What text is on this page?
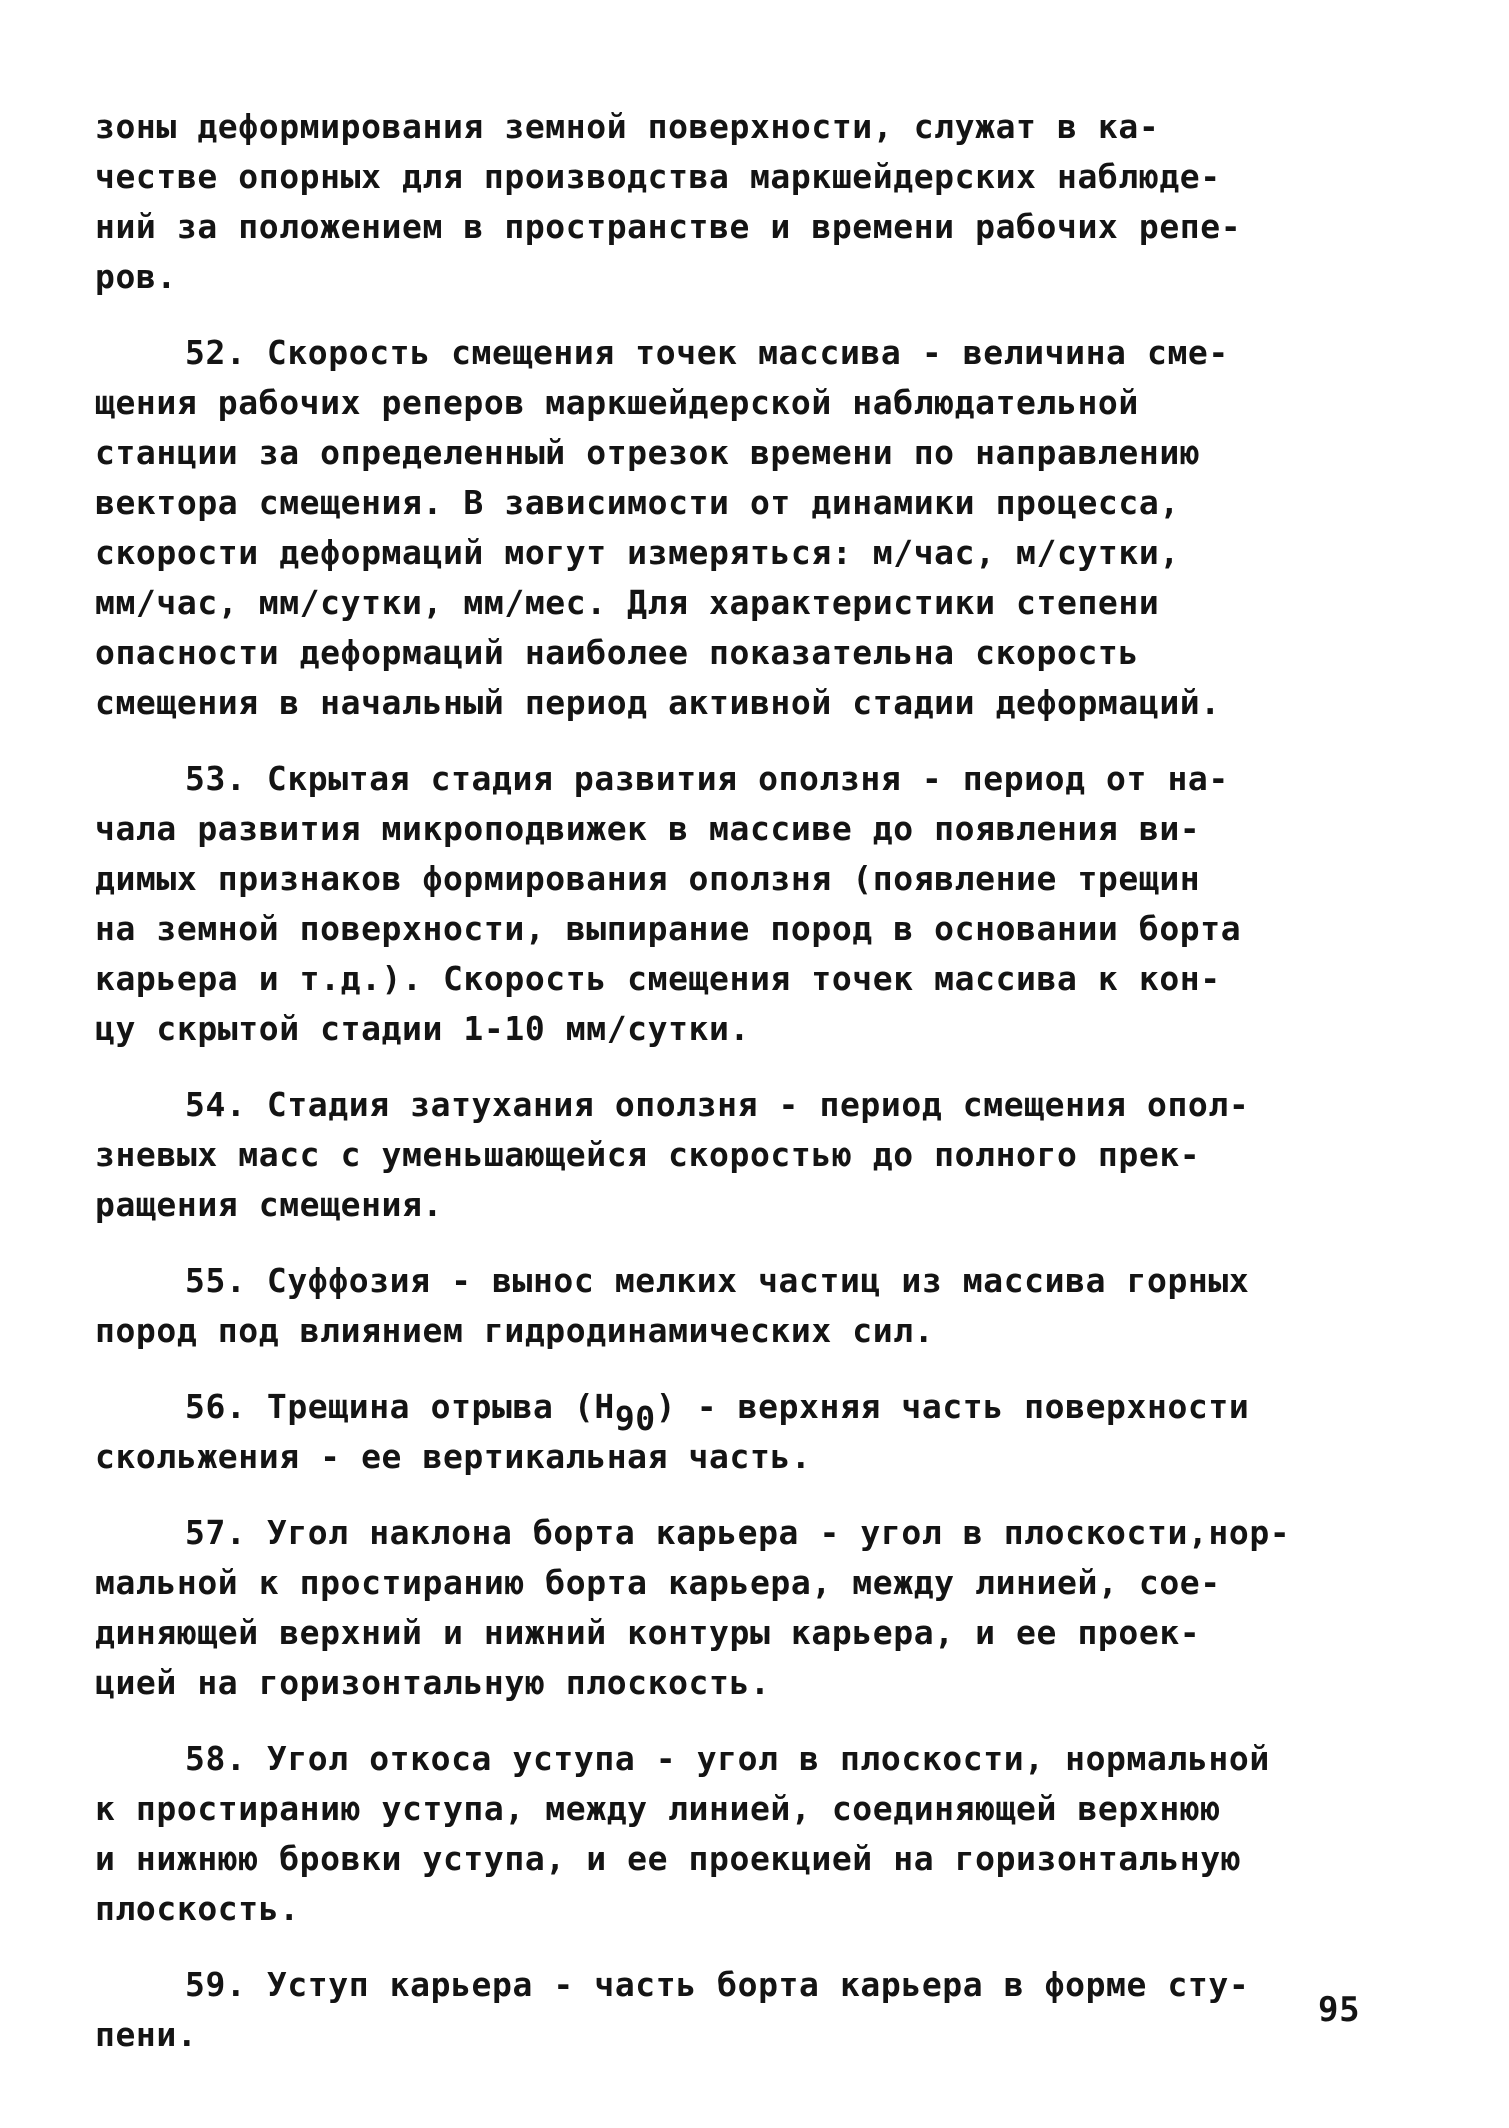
зоны деформирования земной поверхности, служат в ка-
честве опорных для производства маркшейдерских наблюде-
ний за положением в пространстве и времени рабочих репе-
ров.

52. Скорость смещения точек массива - величина сме-
щения рабочих реперов маркшейдерской наблюдательной
станции за определенный отрезок времени по направлению
вектора смещения. В зависимости от динамики процесса,
скорости деформаций могут измеряться: м/час, м/сутки,
мм/час, мм/сутки, мм/мес. Для характеристики степени
опасности деформаций наиболее показательна скорость
смещения в начальный период активной стадии деформаций.

53. Скрытая стадия развития оползня - период от на-
чала развития микроподвижек в массиве до появления ви-
димых признаков формирования оползня (появление трещин
на земной поверхности, выпирание пород в основании борта
карьера и т.д.). Скорость смещения точек массива к кон-
цу скрытой стадии 1-10 мм/сутки.

54. Стадия затухания оползня - период смещения опол-
зневых масс с уменьшающейся скоростью до полного прек-
ращения смещения.

55. Суффозия - вынос мелких частиц из массива горных
пород под влиянием гидродинамических сил.

56. Трещина отрыва (H90) - верхняя часть поверхности
скольжения - ее вертикальная часть.

57. Угол наклона борта карьера - угол в плоскости,нор-
мальной к простиранию борта карьера, между линией, сое-
диняющей верхний и нижний контуры карьера, и ее проек-
цией на горизонтальную плоскость.

58. Угол откоса уступа - угол в плоскости, нормальной
к простиранию уступа, между линией, соединяющей верхнюю
и нижнюю бровки уступа, и ее проекцией на горизонтальную
плоскость.

59. Уступ карьера - часть борта карьера в форме сту-
пени.

95
